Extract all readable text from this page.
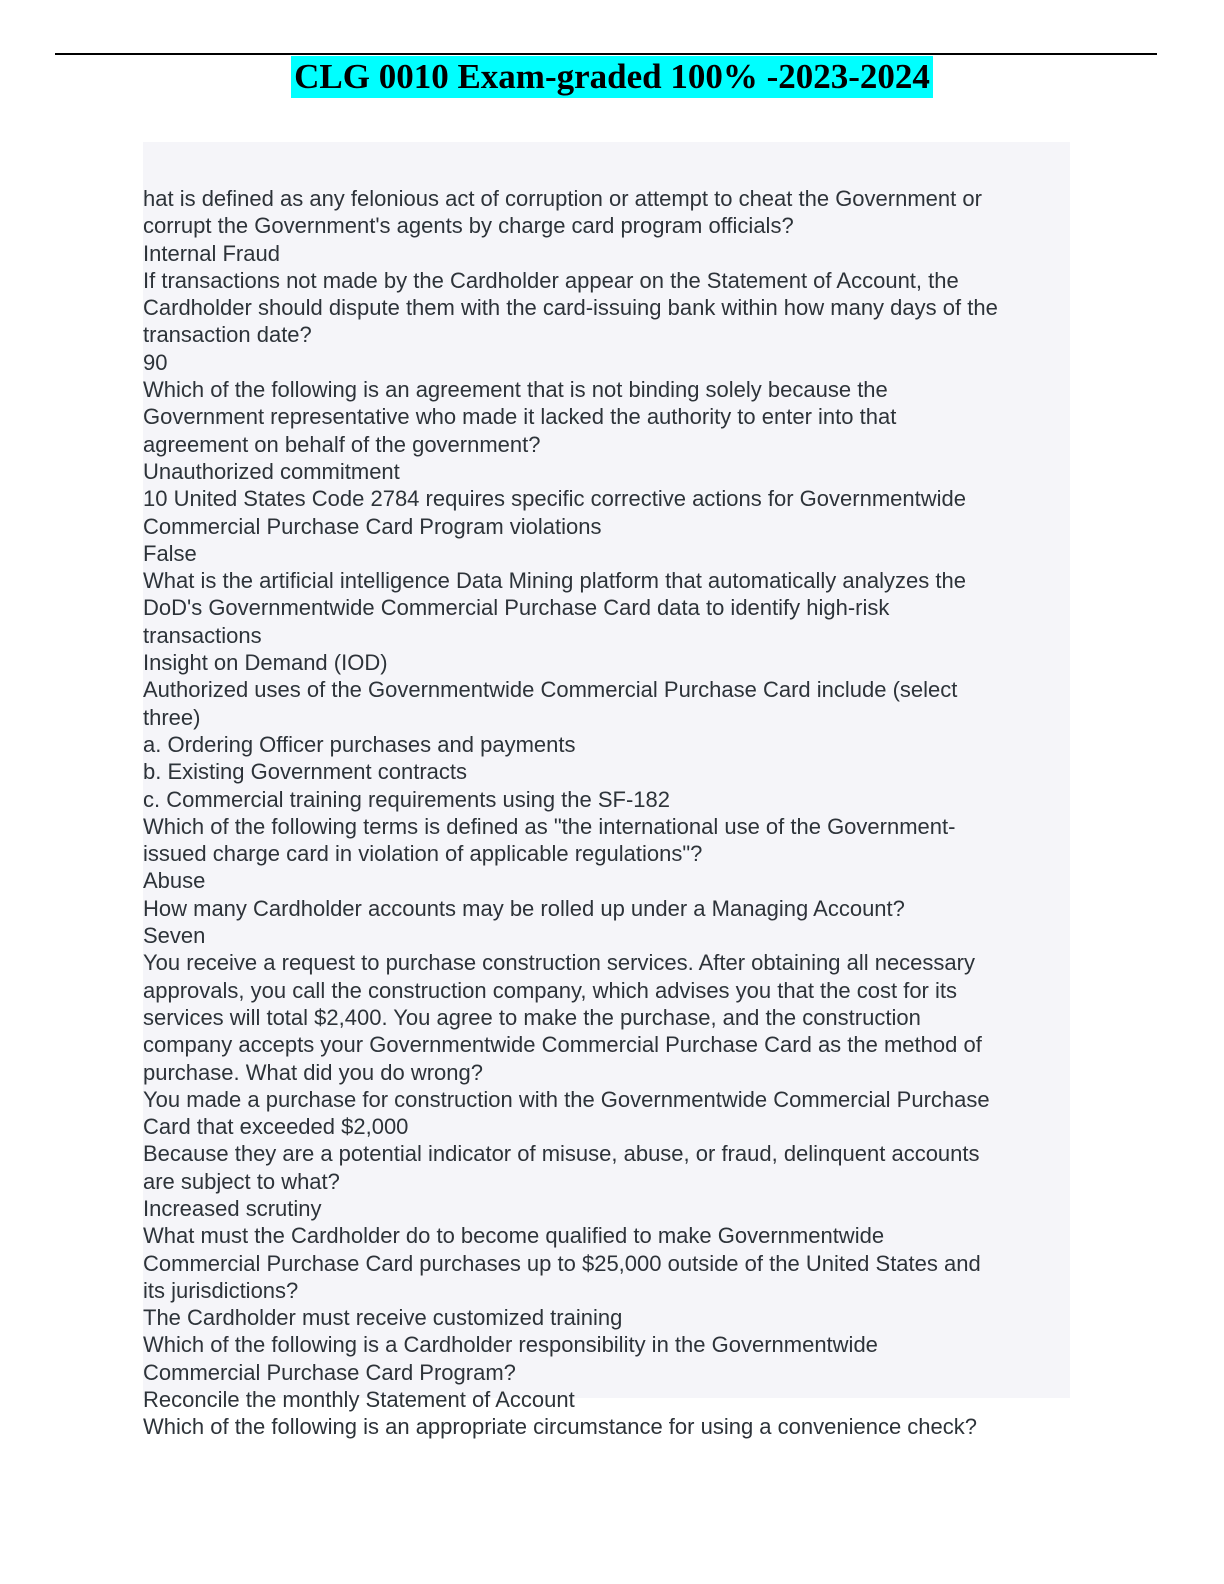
CLG 0010 Exam-graded 100% -2023-2024
hat is defined as any felonious act of corruption or attempt to cheat the Government or
corrupt the Government's agents by charge card program officials?
Internal Fraud
If transactions not made by the Cardholder appear on the Statement of Account, the
Cardholder should dispute them with the card-issuing bank within how many days of the
transaction date?
90
Which of the following is an agreement that is not binding solely because the
Government representative who made it lacked the authority to enter into that
agreement on behalf of the government?
Unauthorized commitment
10 United States Code 2784 requires specific corrective actions for Governmentwide
Commercial Purchase Card Program violations
False
What is the artificial intelligence Data Mining platform that automatically analyzes the
DoD's Governmentwide Commercial Purchase Card data to identify high-risk
transactions
Insight on Demand (IOD)
Authorized uses of the Governmentwide Commercial Purchase Card include (select
three)
a. Ordering Officer purchases and payments
b. Existing Government contracts
c. Commercial training requirements using the SF-182
Which of the following terms is defined as "the international use of the Government-
issued charge card in violation of applicable regulations"?
Abuse
How many Cardholder accounts may be rolled up under a Managing Account?
Seven
You receive a request to purchase construction services. After obtaining all necessary
approvals, you call the construction company, which advises you that the cost for its
services will total $2,400. You agree to make the purchase, and the construction
company accepts your Governmentwide Commercial Purchase Card as the method of
purchase. What did you do wrong?
You made a purchase for construction with the Governmentwide Commercial Purchase
Card that exceeded $2,000
Because they are a potential indicator of misuse, abuse, or fraud, delinquent accounts
are subject to what?
Increased scrutiny
What must the Cardholder do to become qualified to make Governmentwide
Commercial Purchase Card purchases up to $25,000 outside of the United States and
its jurisdictions?
The Cardholder must receive customized training
Which of the following is a Cardholder responsibility in the Governmentwide
Commercial Purchase Card Program?
Reconcile the monthly Statement of Account
Which of the following is an appropriate circumstance for using a convenience check?
